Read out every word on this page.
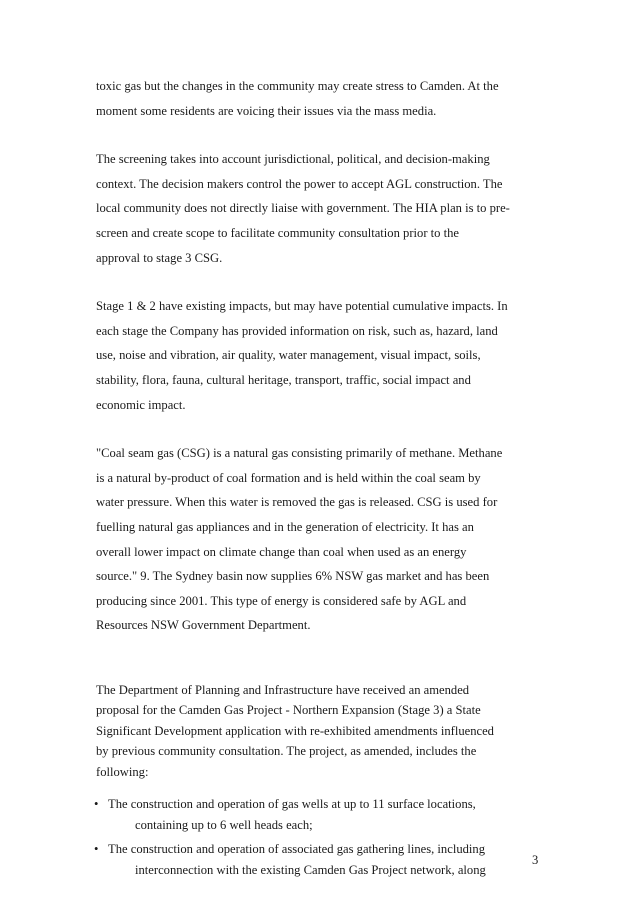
toxic gas but the changes in the community may create stress to Camden. At the
moment some residents are voicing their issues via the mass media.

The screening takes into account jurisdictional, political, and decision-making
context. The decision makers control the power to accept AGL construction. The
local community does not directly liaise with government. The HIA plan is to pre-
screen and create scope to facilitate community consultation prior to the
approval to stage 3 CSG.

Stage 1 & 2 have existing impacts, but may have potential cumulative impacts. In
each stage the Company has provided information on risk, such as, hazard, land
use, noise and vibration, air quality, water management, visual impact, soils,
stability, flora, fauna, cultural heritage, transport, traffic, social impact and
economic impact.

"Coal seam gas (CSG) is a natural gas consisting primarily of methane. Methane
is a natural by-product of coal formation and is held within the coal seam by
water pressure. When this water is removed the gas is released. CSG is used for
fuelling natural gas appliances and in the generation of electricity. It has an
overall lower impact on climate change than coal when used as an energy
source." 9. The Sydney basin now supplies 6% NSW gas market and has been
producing since 2001. This type of energy is considered safe by AGL and
Resources NSW Government Department.

The Department of Planning and Infrastructure have received an amended
proposal for the Camden Gas Project - Northern Expansion (Stage 3) a State
Significant Development application with re-exhibited amendments influenced
by previous community consultation. The project, as amended, includes the
following:

• The construction and operation of gas wells at up to 11 surface locations,
containing up to 6 well heads each;
• The construction and operation of associated gas gathering lines, including
interconnection with the existing Camden Gas Project network, along
3
